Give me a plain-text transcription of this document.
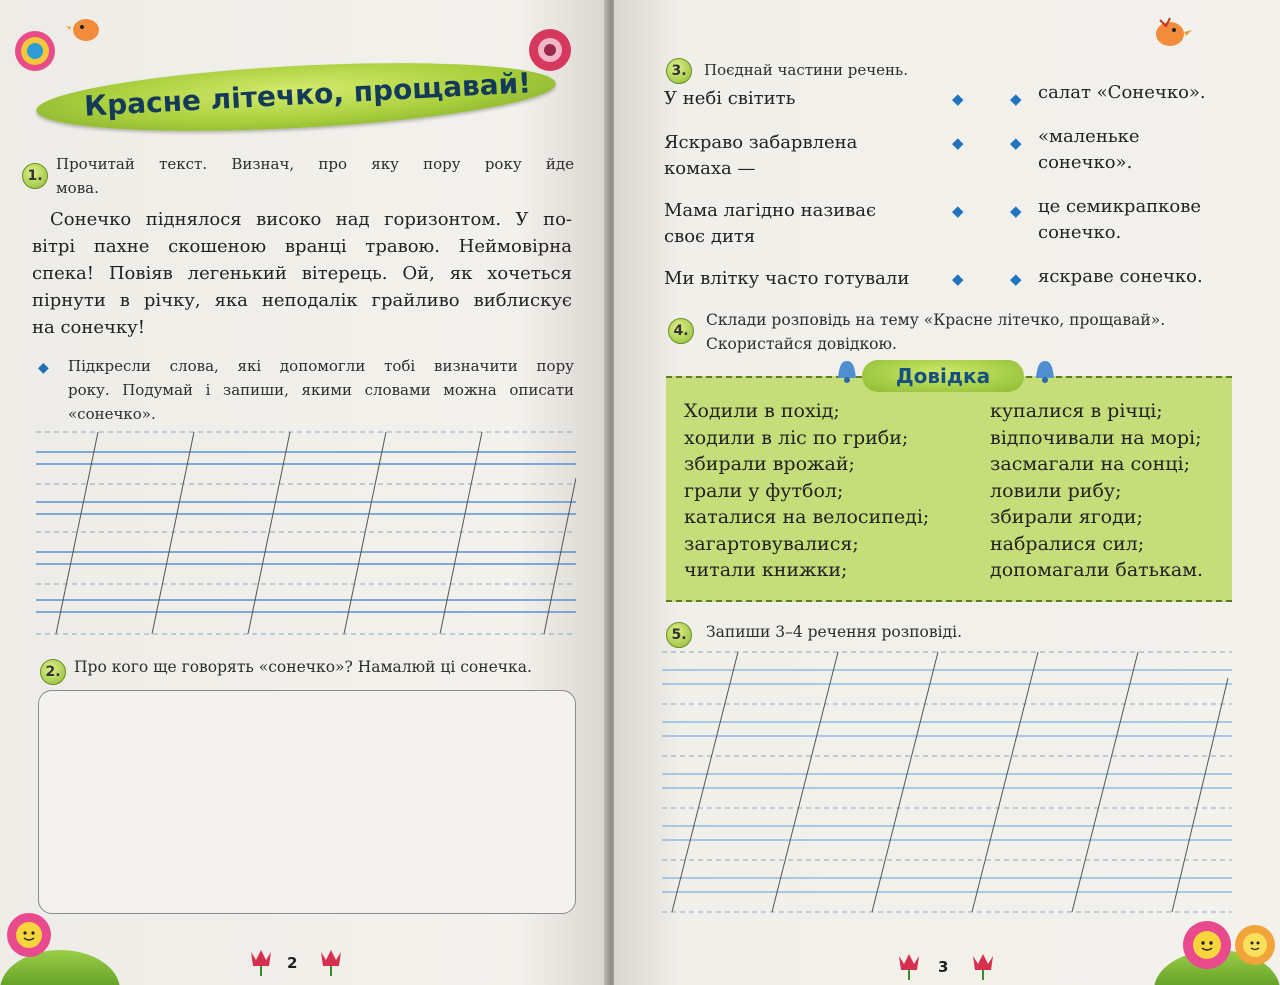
Красне літечко, прощавай!
1.
Прочитай текст. Визнач, про яку пору року йде
мова.
Сонечко піднялося високо над горизонтом. У по-
вітрі пахне скошеною вранці травою. Неймовірна
спека! Повіяв легенький вітерець. Ой, як хочеться
пірнути в річку, яка неподалік грайливо виблискує
на сонечку!
◆ Підкресли слова, які допомогли тобі визначити пору
року. Подумай і запиши, якими словами можна описати
«сонечко».
2. Про кого ще говорять «сонечко»? Намалюй ці сонечка.
2
3.	Поєднай частини речень.
У небі світить
Яскраво забарвлена
комаха —
Мама лагідно називає
своє дитя
Ми влітку часто готували
◆
◆
◆
◆
◆
◆
◆
◆
салат «Сонечко».
«маленьке
сонечко».
це семикрапкове
сонечко.
яскраве сонечко.
4.
Склади розповідь на тему «Красне літечко, прощавай».
Скористайся довідкою.
Довідка
Ходили в похід;
ходили в ліс по гриби;
збирали врожай;
грали у футбол;
каталися на велосипеді;
загартовувалися;
читали книжки;
купалися в річці;
відпочивали на морі;
засмагали на сонці;
ловили рибу;
збирали ягоди;
набралися сил;
допомагали батькам.
5.	Запиши 3–4 речення розповіді.
3
